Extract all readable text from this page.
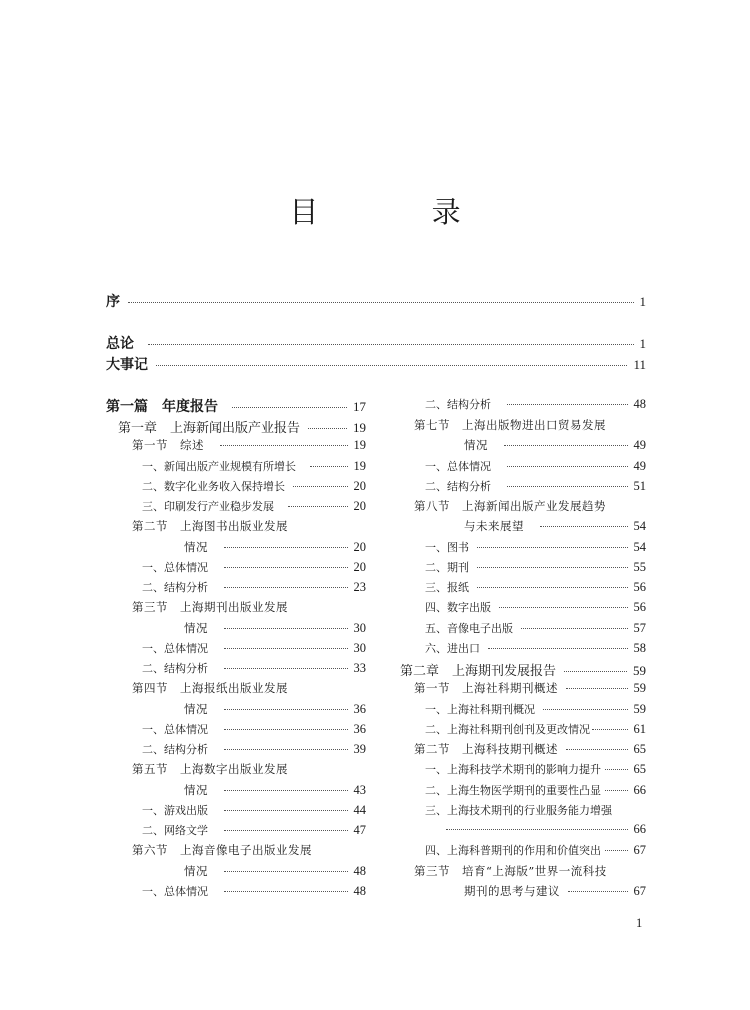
目 录
序	1
总论	1
大事记	11
第一篇　年度报告	17
第一章　上海新闻出版产业报告	19
第一节　综述	19
一、新闻出版产业规模有所增长	19
二、数字化业务收入保持增长	20
三、印刷发行产业稳步发展	20
第二节　上海图书出版业发展
情况	20
一、总体情况	20
二、结构分析	23
第三节　上海期刊出版业发展
情况	30
一、总体情况	30
二、结构分析	33
第四节　上海报纸出版业发展
情况	36
一、总体情况	36
二、结构分析	39
第五节　上海数字出版业发展
情况	43
一、游戏出版	44
二、网络文学	47
第六节　上海音像电子出版业发展
情况	48
一、总体情况	48
二、结构分析	48
第七节　上海出版物进出口贸易发展
情况	49
一、总体情况	49
二、结构分析	51
第八节　上海新闻出版产业发展趋势
与未来展望	54
一、图书	54
二、期刊	55
三、报纸	56
四、数字出版	56
五、音像电子出版	57
六、进出口	58
第二章　上海期刊发展报告	59
第一节　上海社科期刊概述	59
一、上海社科期刊概况	59
二、上海社科期刊创刊及更改情况	61
第二节　上海科技期刊概述	65
一、上海科技学术期刊的影响力提升	65
二、上海生物医学期刊的重要性凸显	66
三、上海技术期刊的行业服务能力增强
66
四、上海科普期刊的作用和价值突出	67
第三节　培育“上海版”世界一流科技
期刊的思考与建议	67
1
